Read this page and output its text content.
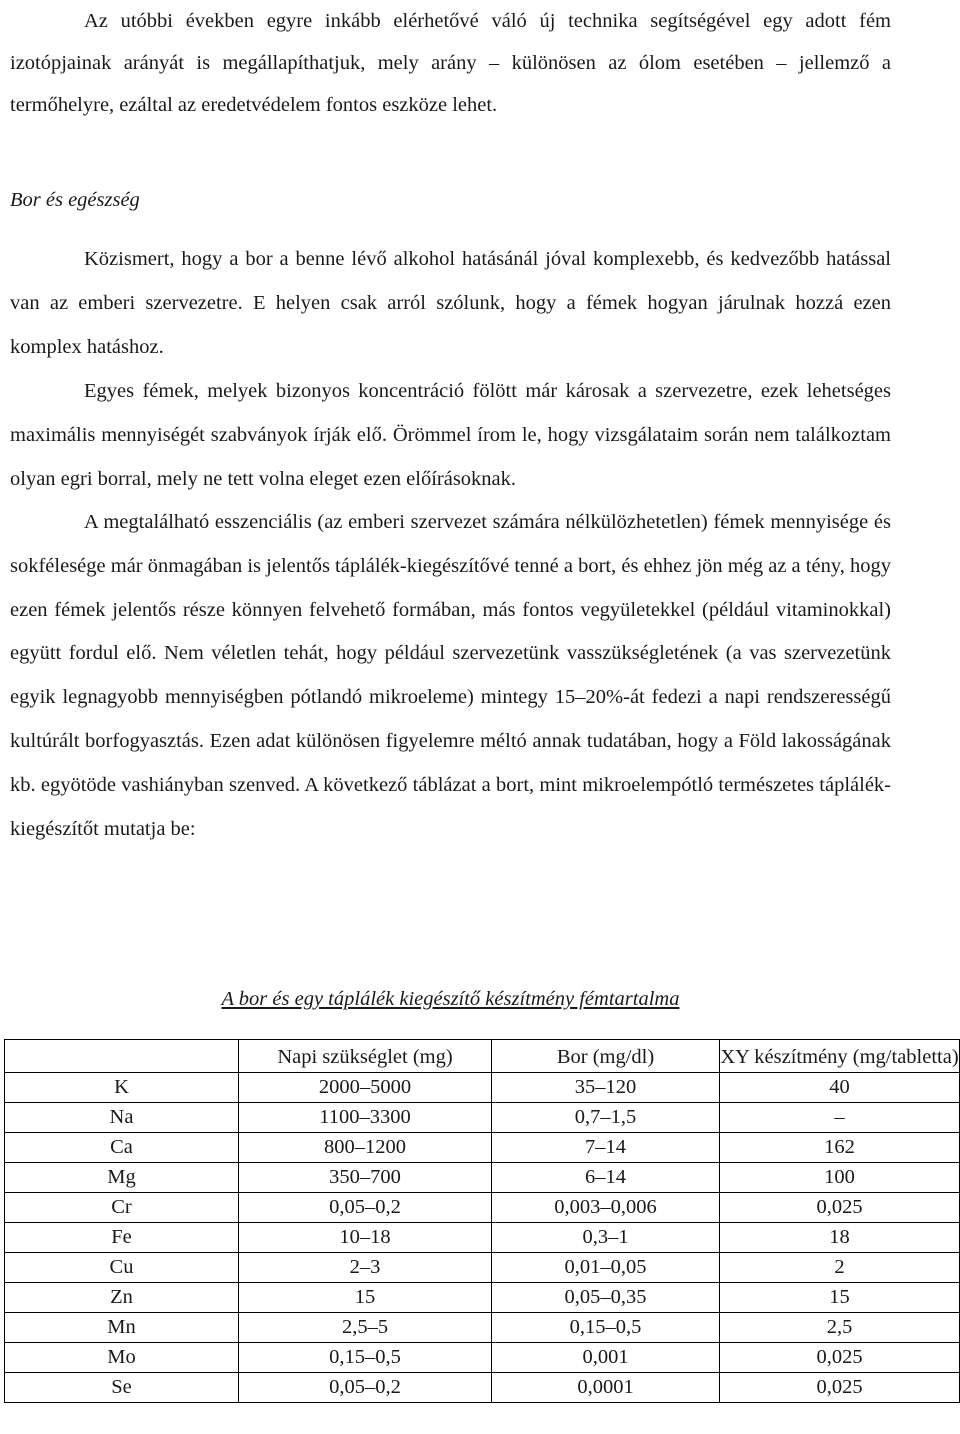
Az utóbbi években egyre inkább elérhetővé váló új technika segítségével egy adott fém izotópjainak arányát is megállapíthatjuk, mely arány – különösen az ólom esetében – jellemző a termőhelyre, ezáltal az eredetvédelem fontos eszköze lehet.

Bor és egészség

Közismert, hogy a bor a benne lévő alkohol hatásánál jóval komplexebb, és kedvezőbb hatással van az emberi szervezetre. E helyen csak arról szólunk, hogy a fémek hogyan járulnak hozzá ezen komplex hatáshoz.

Egyes fémek, melyek bizonyos koncentráció fölött már károsak a szervezetre, ezek lehetséges maximális mennyiségét szabványok írják elő. Örömmel írom le, hogy vizsgálataim során nem találkoztam olyan egri borral, mely ne tett volna eleget ezen előírásoknak.

A megtalálható esszenciális (az emberi szervezet számára nélkülözhetetlen) fémek mennyisége és sokfélesége már önmagában is jelentős táplálék-kiegészítővé tenné a bort, és ehhez jön még az a tény, hogy ezen fémek jelentős része könnyen felvehető formában, más fontos vegyületekkel (például vitaminokkal) együtt fordul elő. Nem véletlen tehát, hogy például szervezetünk vasszükségletének (a vas szervezetünk egyik legnagyobb mennyiségben pótlandó mikroeleme) mintegy 15–20%-át fedezi a napi rendszerességű kultúrált borfogyasztás. Ezen adat különösen figyelemre méltó annak tudatában, hogy a Föld lakosságának kb. egyötöde vashiányban szenved. A következő táblázat a bort, mint mikroelempótló természetes táplálék-kiegészítőt mutatja be:

A bor és egy táplálék kiegészítő készítmény fémtartalma

	Napi szükséglet (mg)	Bor (mg/dl)	XY készítmény (mg/tabletta)
K	2000–5000	35–120	40
Na	1100–3300	0,7–1,5	–
Ca	800–1200	7–14	162
Mg	350–700	6–14	100
Cr	0,05–0,2	0,003–0,006	0,025
Fe	10–18	0,3–1	18
Cu	2–3	0,01–0,05	2
Zn	15	0,05–0,35	15
Mn	2,5–5	0,15–0,5	2,5
Mo	0,15–0,5	0,001	0,025
Se	0,05–0,2	0,0001	0,025
